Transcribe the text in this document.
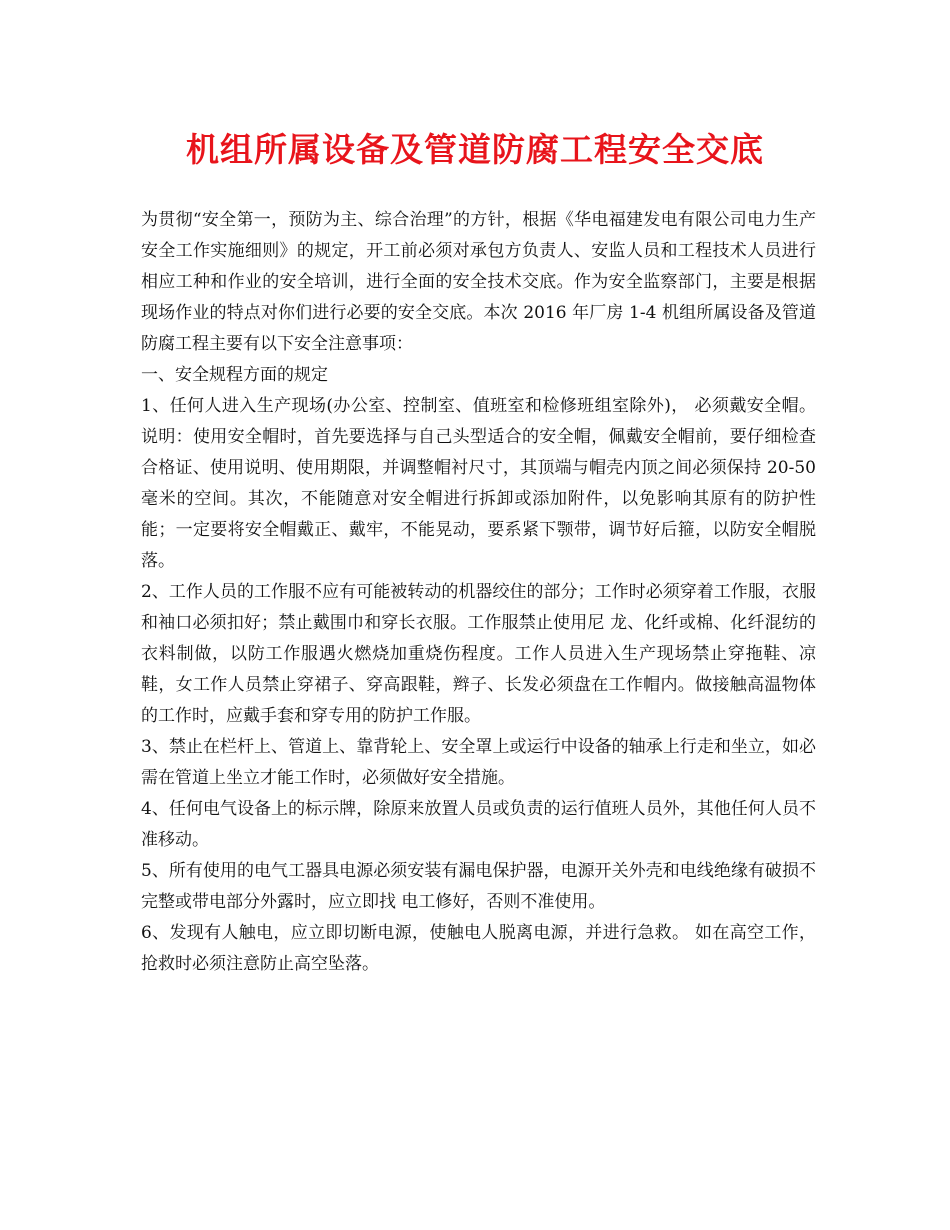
机组所属设备及管道防腐工程安全交底

为贯彻“安全第一，预防为主、综合治理”的方针，根据《华电福建发电有限公司电力生产安全工作实施细则》的规定，开工前必须对承包方负责人、安监人员和工程技术人员进行相应工种和作业的安全培训，进行全面的安全技术交底。作为安全监察部门，主要是根据现场作业的特点对你们进行必要的安全交底。本次 2016 年厂房 1-4 机组所属设备及管道防腐工程主要有以下安全注意事项：

一、安全规程方面的规定

1、任何人进入生产现场(办公室、控制室、值班室和检修班组室除外)， 必须戴安全帽。说明：使用安全帽时，首先要选择与自己头型适合的安全帽，佩戴安全帽前，要仔细检查合格证、使用说明、使用期限，并调整帽衬尺寸，其顶端与帽壳内顶之间必须保持 20-50 毫米的空间。其次，不能随意对安全帽进行拆卸或添加附件，以免影响其原有的防护性能；一定要将安全帽戴正、戴牢，不能晃动，要系紧下颚带，调节好后箍，以防安全帽脱落。

2、工作人员的工作服不应有可能被转动的机器绞住的部分；工作时必须穿着工作服，衣服和袖口必须扣好；禁止戴围巾和穿长衣服。工作服禁止使用尼 龙、化纤或棉、化纤混纺的衣料制做，以防工作服遇火燃烧加重烧伤程度。工作人员进入生产现场禁止穿拖鞋、凉鞋，女工作人员禁止穿裙子、穿高跟鞋，辫子、长发必须盘在工作帽内。做接触高温物体的工作时，应戴手套和穿专用的防护工作服。

3、禁止在栏杆上、管道上、靠背轮上、安全罩上或运行中设备的轴承上行走和坐立，如必需在管道上坐立才能工作时，必须做好安全措施。

4、任何电气设备上的标示牌，除原来放置人员或负责的运行值班人员外，其他任何人员不准移动。

5、所有使用的电气工器具电源必须安装有漏电保护器，电源开关外壳和电线绝缘有破损不完整或带电部分外露时，应立即找 电工修好，否则不准使用。

6、发现有人触电，应立即切断电源，使触电人脱离电源，并进行急救。 如在高空工作，抢救时必须注意防止高空坠落。
